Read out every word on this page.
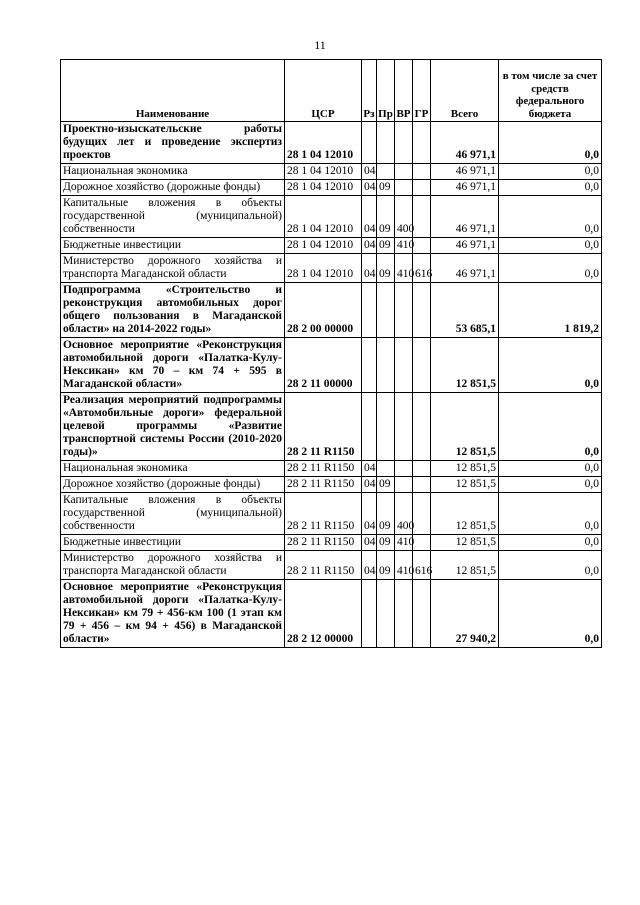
11
Наименование	ЦСР	Рз	Пр	ВР	ГР	Всего	в том числе за счет средств федерального бюджета
Проектно-изыскательские работы будущих лет и проведение экспертиз проектов	28 1 04 12010					46 971,1	0,0
Национальная экономика	28 1 04 12010	04				46 971,1	0,0
Дорожное хозяйство (дорожные фонды)	28 1 04 12010	04	09			46 971,1	0,0
Капитальные вложения в объекты государственной (муниципальной) собственности	28 1 04 12010	04	09	400		46 971,1	0,0
Бюджетные инвестиции	28 1 04 12010	04	09	410		46 971,1	0,0
Министерство дорожного хозяйства и транспорта Магаданской области	28 1 04 12010	04	09	410	616	46 971,1	0,0
Подпрограмма «Строительство и реконструкция автомобильных дорог общего пользования в Магаданской области» на 2014-2022 годы»	28 2 00 00000					53 685,1	1 819,2
Основное мероприятие «Реконструкция автомобильной дороги «Палатка-Кулу-Нексикан» км 70 – км 74 + 595 в Магаданской области»	28 2 11 00000					12 851,5	0,0
Реализация мероприятий подпрограммы «Автомобильные дороги» федеральной целевой программы «Развитие транспортной системы России (2010-2020 годы)»	28 2 11 R1150					12 851,5	0,0
Национальная экономика	28 2 11 R1150	04				12 851,5	0,0
Дорожное хозяйство (дорожные фонды)	28 2 11 R1150	04	09			12 851,5	0,0
Капитальные вложения в объекты государственной (муниципальной) собственности	28 2 11 R1150	04	09	400		12 851,5	0,0
Бюджетные инвестиции	28 2 11 R1150	04	09	410		12 851,5	0,0
Министерство дорожного хозяйства и транспорта Магаданской области	28 2 11 R1150	04	09	410	616	12 851,5	0,0
Основное мероприятие «Реконструкция автомобильной дороги «Палатка-Кулу-Нексикан» км 79 + 456-км 100 (1 этап км 79 + 456 – км 94 + 456) в Магаданской области»	28 2 12 00000					27 940,2	0,0
